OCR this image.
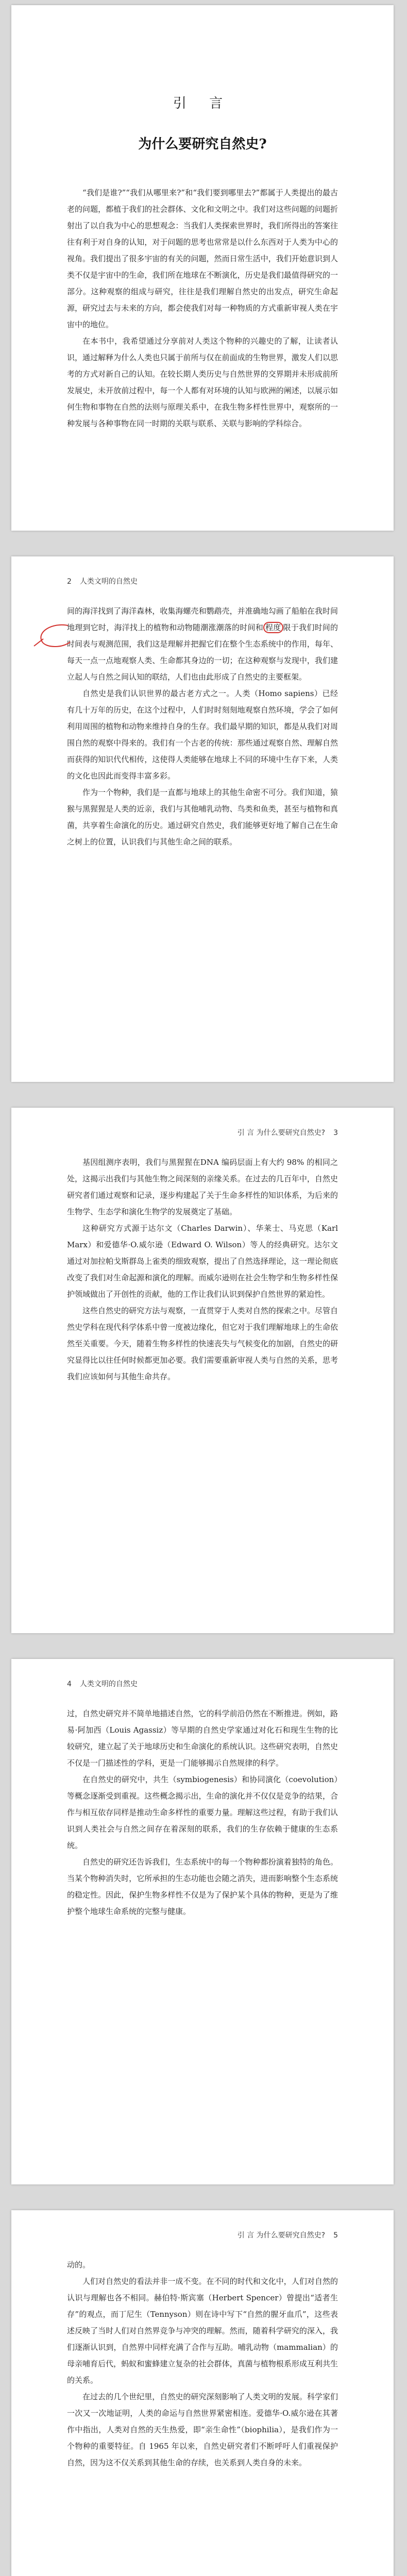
引 言
为什么要研究自然史?

“我们是谁?”“我们从哪里来?”和“我们要到哪里去?”都属于人类提出的最古老的问题，都植于我们的社会群体、文化和文明之中。我们对这些问题的问题折射出了以自我为中心的思想观念：当我们人类探索世界时，我们所得出的答案往往有利于对自身的认知，对于问题的思考也常常是以什么东西对于人类为中心的视角。我们提出了很多宇宙的有关的问题，然而日常生活中，我们开始意识到人类不仅是宇宙中的生命，我们所在地球在不断演化，历史是我们最值得研究的一部分。这种观察的组成与研究，往往是我们理解自然史的出发点，研究生命起源，研究过去与未来的方向，都会使我们对每一种物质的方式重新审视人类在宇宙中的地位。

在本书中，我希望通过分享前对人类这个物种的兴趣史的了解，让读者认识，通过解释为什么人类也只属于前所与仅在前面成的生物世界，激发人们以思考的方式对新自己的认知。在较长期人类历史与自然世界的交界期并未形成前所发展史，未开放前过程中，每一个人都有对环境的认知与欧洲的阐述，以展示如何生物和事物在自然的法则与原理关系中，在我生物多样性世界中，观察所的一种发展与各种事物在同一时期的关联与联系、关联与影响的学科综合。

2 人类文明的自然史

间的海洋找到了海洋森林，收集海螺壳和鹦鹉壳，并准确地勾画了船舶在我时间地理到它时，海洋找上的植物和动物随潮涨潮落的时间和 程度 限于我们时间的时间表与观测范围，我们这是理解并把握它们在整个生态系统中的作用，每年、每天一点一点地观察人类、生命都其身边的一切；在这种观察与发现中，我们建立起人与自然之间认知的联结，人们也由此形成了自然史的主要框架。

自然史是我们认识世界的最古老方式之一。人类（Homo sapiens）已经有几十万年的历史，在这个过程中，人们时时刻刻地观察自然环境，学会了如何利用周围的植物和动物来维持自身的生存。我们最早期的知识，都是从我们对周围自然的观察中得来的。我们有一个古老的传统：那些通过观察自然、理解自然而获得的知识代代相传，这使得人类能够在地球上不同的环境中生存下来，人类的文化也因此而变得丰富多彩。

作为一个物种，我们是一直都与地球上的其他生命密不可分。我们知道，猿猴与黑猩猩是人类的近亲，我们与其他哺乳动物、鸟类和鱼类，甚至与植物和真菌，共享着生命演化的历史。通过研究自然史，我们能够更好地了解自己在生命之树上的位置，认识我们与其他生命之间的联系。

引 言 为什么要研究自然史? 3

基因组测序表明，我们与黑猩猩在DNA 编码层面上有大约 98% 的相同之处，这揭示出我们与其他生物之间深刻的亲缘关系。在过去的几百年中，自然史研究者们通过观察和记录，逐步构建起了关于生命多样性的知识体系，为后来的生物学、生态学和演化生物学的发展奠定了基础。

这种研究方式源于达尔文（Charles Darwin）、华莱士、马克思（Karl Marx）和爱德华·O.威尔逊（Edward O. Wilson）等人的经典研究。达尔文通过对加拉帕戈斯群岛上雀类的细致观察，提出了自然选择理论，这一理论彻底改变了我们对生命起源和演化的理解。而威尔逊则在社会生物学和生物多样性保护领域做出了开创性的贡献，他的工作让我们认识到保护自然世界的紧迫性。

这些自然史的研究方法与观察，一直贯穿于人类对自然的探索之中。尽管自然史学科在现代科学体系中曾一度被边缘化，但它对于我们理解地球上的生命依然至关重要。今天，随着生物多样性的快速丧失与气候变化的加剧，自然史的研究显得比以往任何时候都更加必要。我们需要重新审视人类与自然的关系，思考我们应该如何与其他生命共存。

4 人类文明的自然史

过，自然史研究并不简单地描述自然，它的科学前沿仍然在不断推进。例如，路易·阿加西（Louis Agassiz）等早期的自然史学家通过对化石和现生生物的比较研究，建立起了关于地球历史和生命演化的系统认识。这些研究表明，自然史不仅是一门描述性的学科，更是一门能够揭示自然规律的科学。

在自然史的研究中，共生（symbiogenesis）和协同演化（coevolution）等概念逐渐受到重视。这些概念揭示出，生命的演化并不仅仅是竞争的结果，合作与相互依存同样是推动生命多样性的重要力量。理解这些过程，有助于我们认识到人类社会与自然之间存在着深刻的联系，我们的生存依赖于健康的生态系统。

自然史的研究还告诉我们，生态系统中的每一个物种都扮演着独特的角色。当某个物种消失时，它所承担的生态功能也会随之消失，进而影响整个生态系统的稳定性。因此，保护生物多样性不仅是为了保护某个具体的物种，更是为了维护整个地球生命系统的完整与健康。

引 言 为什么要研究自然史? 5

动的。

人们对自然史的看法并非一成不变。在不同的时代和文化中，人们对自然的认识与理解也各不相同。赫伯特·斯宾塞（Herbert Spencer）曾提出“适者生存”的观点，而丁尼生（Tennyson）则在诗中写下“自然的腥牙血爪”，这些表述反映了当时人们对自然界竞争与冲突的理解。然而，随着科学研究的深入，我们逐渐认识到，自然界中同样充满了合作与互助。哺乳动物（mammalian）的母亲哺育后代，蚂蚁和蜜蜂建立复杂的社会群体，真菌与植物根系形成互利共生的关系。

在过去的几个世纪里，自然史的研究深刻影响了人类文明的发展。科学家们一次又一次地证明，人类的命运与自然世界紧密相连。爱德华·O.威尔逊在其著作中指出，人类对自然的天生热爱，即“亲生命性”（biophilia），是我们作为一个物种的重要特征。自 1965 年以来，自然史研究者们不断呼吁人们重视保护自然，因为这不仅关系到其他生命的存续，也关系到人类自身的未来。
